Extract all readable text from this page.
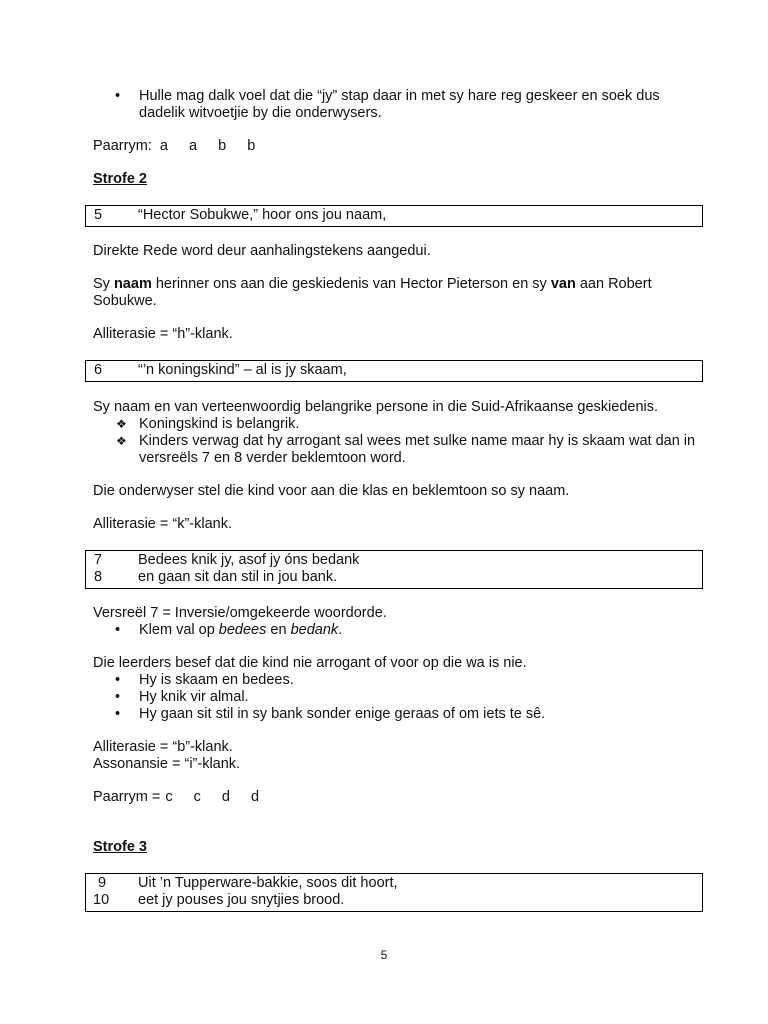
• Hulle mag dalk voel dat die “jy” stap daar in met sy hare reg geskeer en soek dus dadelik witvoetjie by die onderwysers.

Paarrym: a a b b

Strofe 2

5	“Hector Sobukwe,” hoor ons jou naam,

Direkte Rede word deur aanhalingstekens aangedui.

Sy naam herinner ons aan die geskiedenis van Hector Pieterson en sy van aan Robert Sobukwe.

Alliterasie = “h”-klank.

6	“’n koningskind” – al is jy skaam,

Sy naam en van verteenwoordig belangrike persone in die Suid-Afrikaanse geskiedenis.

❖ Koningskind is belangrik.
❖ Kinders verwag dat hy arrogant sal wees met sulke name maar hy is skaam wat dan in versreëls 7 en 8 verder beklemtoon word.

Die onderwyser stel die kind voor aan die klas en beklemtoon so sy naam.

Alliterasie = “k”-klank.

7	Bedees knik jy, asof jy óns bedank
8	en gaan sit dan stil in jou bank.

Versreël 7 = Inversie/omgekeerde woordorde.

• Klem val op bedees en bedank.

Die leerders besef dat die kind nie arrogant of voor op die wa is nie.

• Hy is skaam en bedees.
• Hy knik vir almal.
• Hy gaan sit stil in sy bank sonder enige geraas of om iets te sê.

Alliterasie = “b”-klank.

Assonansie = “i”-klank.

Paarrym = c c d d

Strofe 3

9	Uit ’n Tupperware-bakkie, soos dit hoort,
10	eet jy pouses jou snytjies brood.
5
